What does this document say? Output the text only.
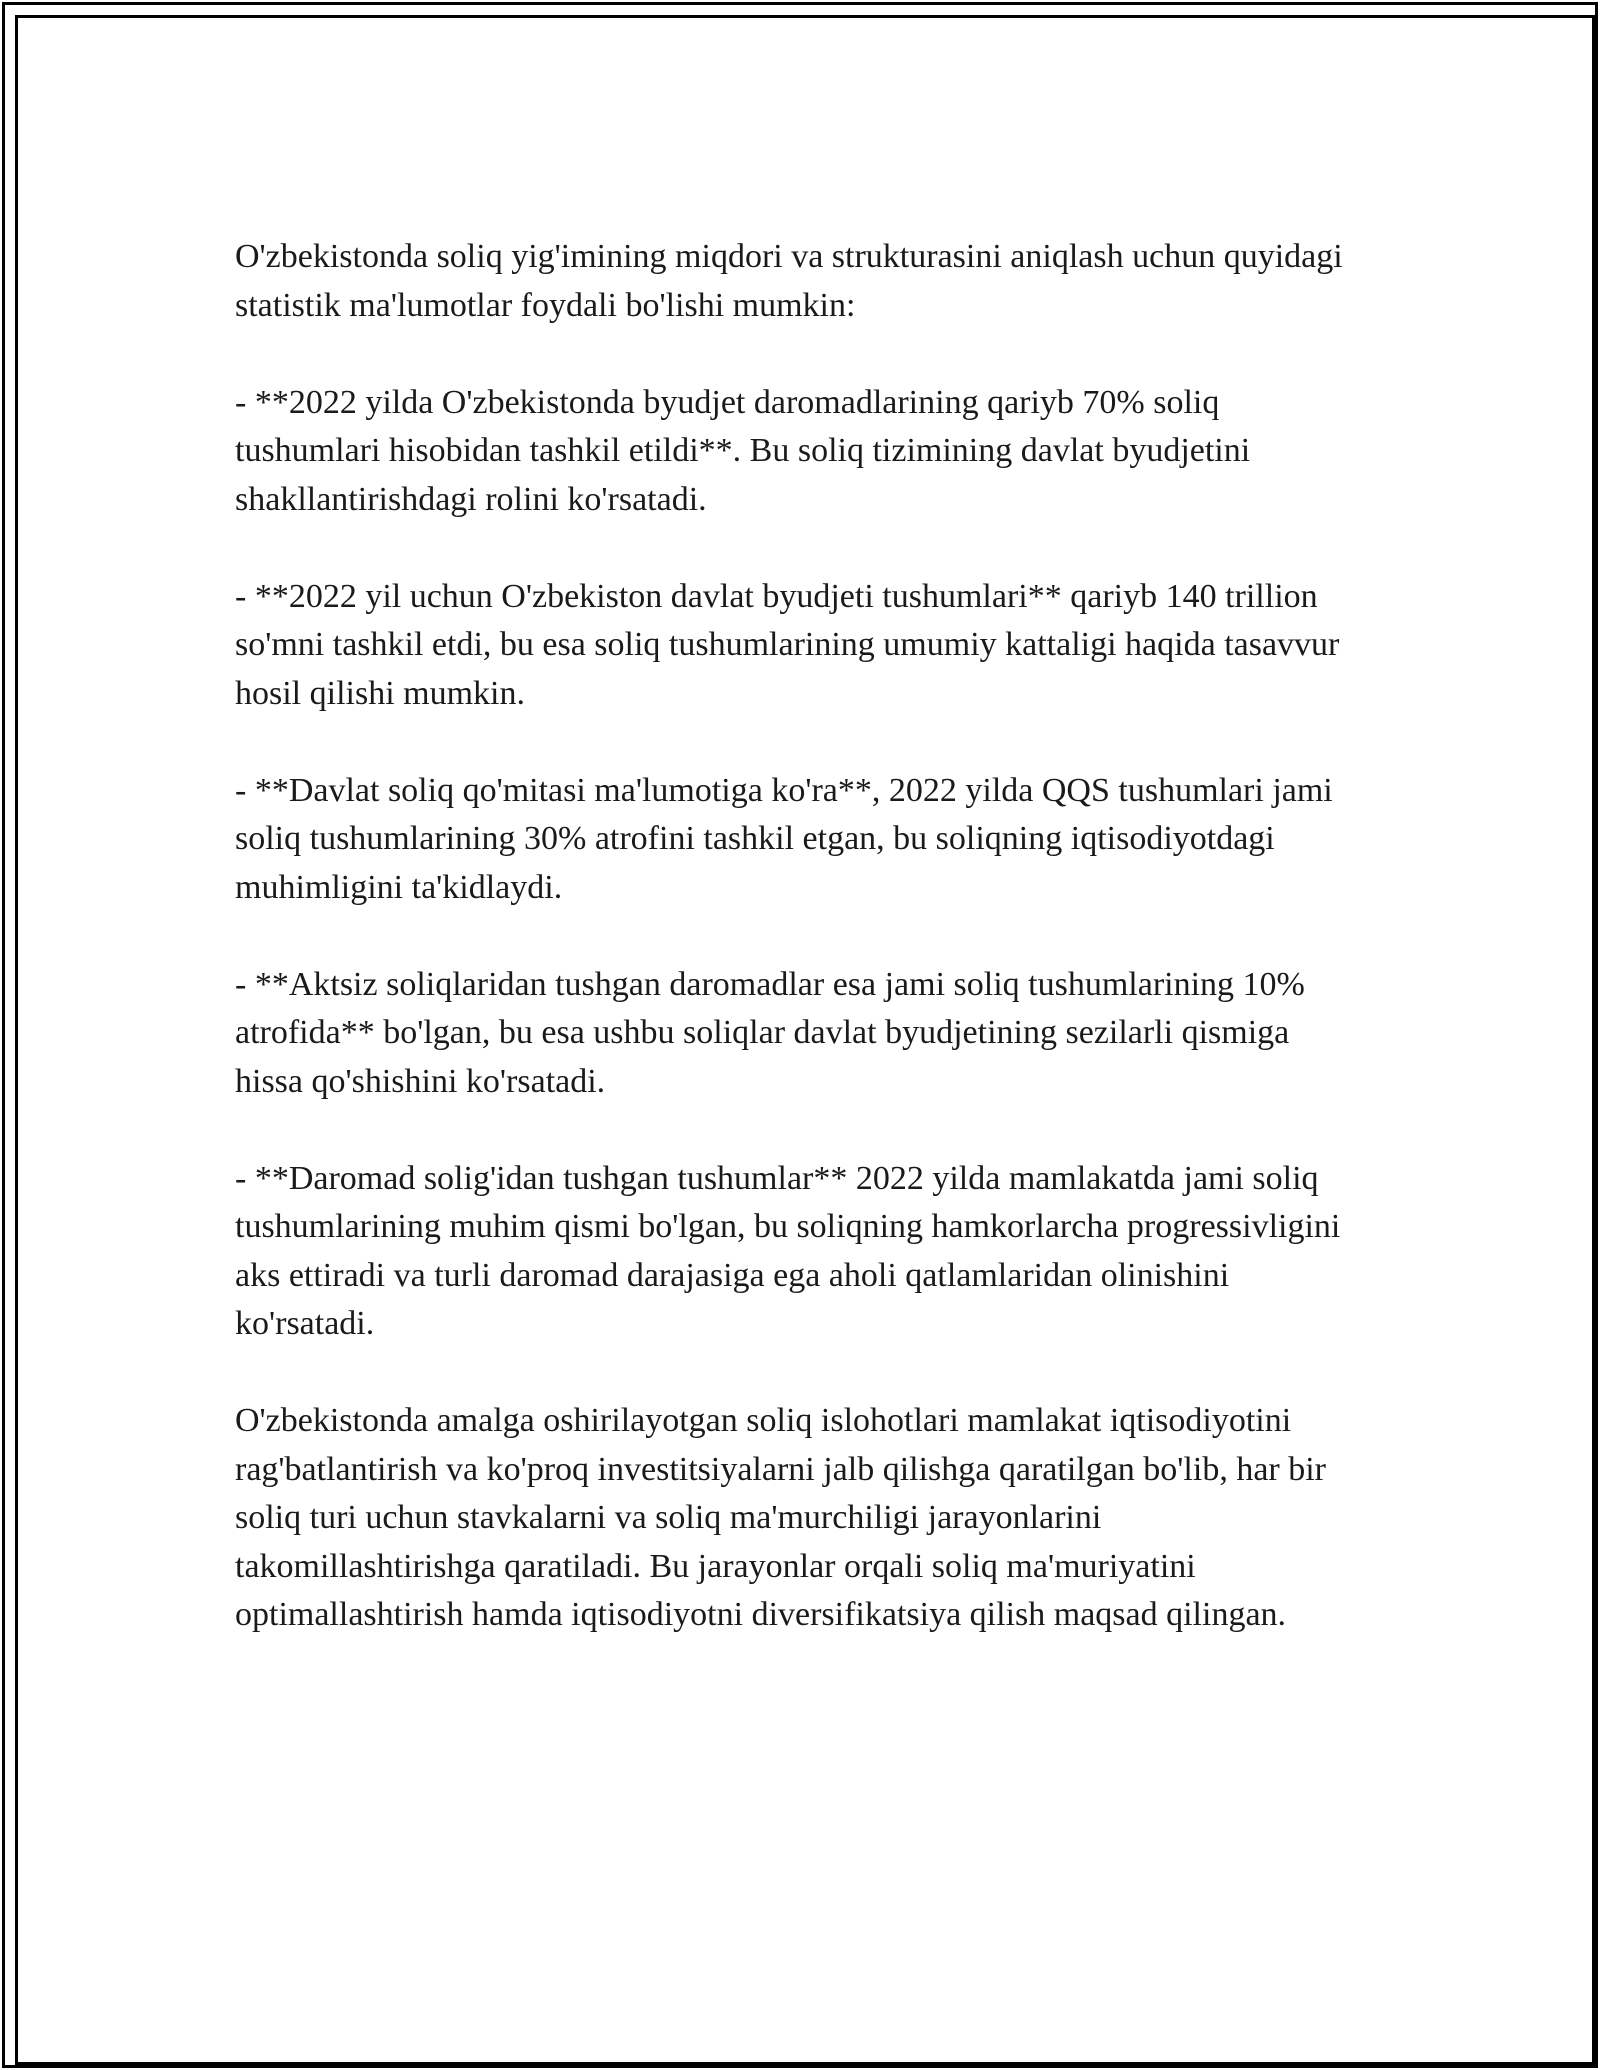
O'zbekistonda soliq yig'imining miqdori va strukturasini aniqlash uchun quyidagi statistik ma'lumotlar foydali bo'lishi mumkin:

- **2022 yilda O'zbekistonda byudjet daromadlarining qariyb 70% soliq tushumlari hisobidan tashkil etildi**. Bu soliq tizimining davlat byudjetini shakllantirishdagi rolini ko'rsatadi.

- **2022 yil uchun O'zbekiston davlat byudjeti tushumlari** qariyb 140 trillion so'mni tashkil etdi, bu esa soliq tushumlarining umumiy kattaligi haqida tasavvur hosil qilishi mumkin.

- **Davlat soliq qo'mitasi ma'lumotiga ko'ra**, 2022 yilda QQS tushumlari jami soliq tushumlarining 30% atrofini tashkil etgan, bu soliqning iqtisodiyotdagi muhimligini ta'kidlaydi.

- **Aktsiz soliqlaridan tushgan daromadlar esa jami soliq tushumlarining 10% atrofida** bo'lgan, bu esa ushbu soliqlar davlat byudjetining sezilarli qismiga hissa qo'shishini ko'rsatadi.

- **Daromad solig'idan tushgan tushumlar** 2022 yilda mamlakatda jami soliq tushumlarining muhim qismi bo'lgan, bu soliqning hamkorlarcha progressivligini aks ettiradi va turli daromad darajasiga ega aholi qatlamlaridan olinishini ko'rsatadi.

O'zbekistonda amalga oshirilayotgan soliq islohotlari mamlakat iqtisodiyotini rag'batlantirish va ko'proq investitsiyalarni jalb qilishga qaratilgan bo'lib, har bir soliq turi uchun stavkalarni va soliq ma'murchiligi jarayonlarini takomillashtirishga qaratiladi. Bu jarayonlar orqali soliq ma'muriyatini optimallashtirish hamda iqtisodiyotni diversifikatsiya qilish maqsad qilingan.
